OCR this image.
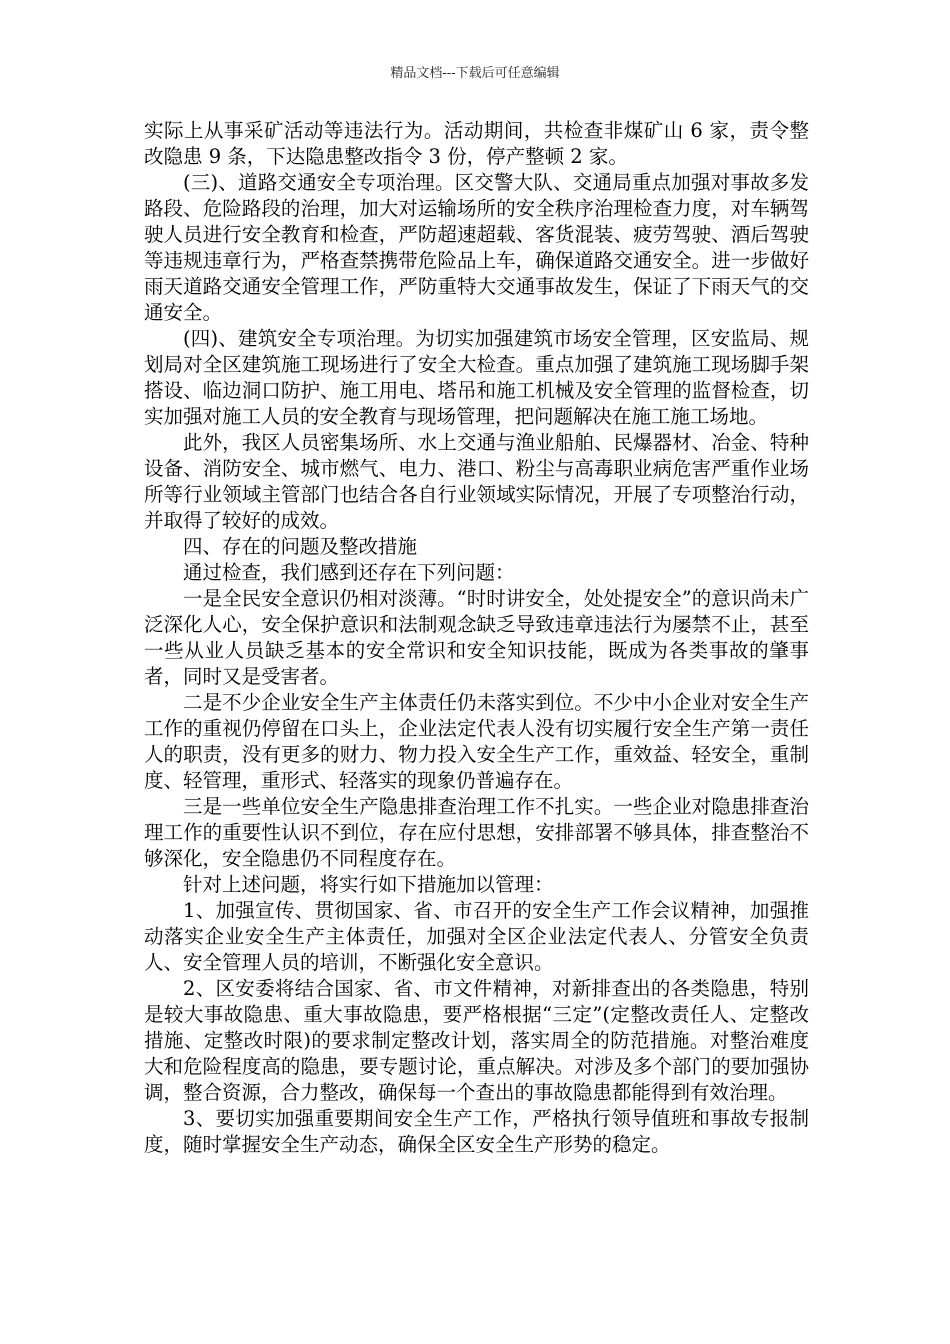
精品文档---下载后可任意编辑

实际上从事采矿活动等违法行为。活动期间，共检查非煤矿山 6 家，责令整改隐患 9 条，下达隐患整改指令 3 份，停产整顿 2 家。

(三)、道路交通安全专项治理。区交警大队、交通局重点加强对事故多发路段、危险路段的治理，加大对运输场所的安全秩序治理检查力度，对车辆驾驶人员进行安全教育和检查，严防超速超载、客货混装、疲劳驾驶、酒后驾驶等违规违章行为，严格查禁携带危险品上车，确保道路交通安全。进一步做好雨天道路交通安全管理工作，严防重特大交通事故发生，保证了下雨天气的交通安全。

(四)、建筑安全专项治理。为切实加强建筑市场安全管理，区安监局、规划局对全区建筑施工现场进行了安全大检查。重点加强了建筑施工现场脚手架搭设、临边洞口防护、施工用电、塔吊和施工机械及安全管理的监督检查，切实加强对施工人员的安全教育与现场管理，把问题解决在施工施工场地。

此外，我区人员密集场所、水上交通与渔业船舶、民爆器材、冶金、特种设备、消防安全、城市燃气、电力、港口、粉尘与高毒职业病危害严重作业场所等行业领域主管部门也结合各自行业领域实际情况，开展了专项整治行动，并取得了较好的成效。

四、存在的问题及整改措施

通过检查，我们感到还存在下列问题：

一是全民安全意识仍相对淡薄。“时时讲安全，处处提安全”的意识尚未广泛深化人心，安全保护意识和法制观念缺乏导致违章违法行为屡禁不止，甚至一些从业人员缺乏基本的安全常识和安全知识技能，既成为各类事故的肇事者，同时又是受害者。

二是不少企业安全生产主体责任仍未落实到位。不少中小企业对安全生产工作的重视仍停留在口头上，企业法定代表人没有切实履行安全生产第一责任人的职责，没有更多的财力、物力投入安全生产工作，重效益、轻安全，重制度、轻管理，重形式、轻落实的现象仍普遍存在。

三是一些单位安全生产隐患排查治理工作不扎实。一些企业对隐患排查治理工作的重要性认识不到位，存在应付思想，安排部署不够具体，排查整治不够深化，安全隐患仍不同程度存在。

针对上述问题，将实行如下措施加以管理：

1、加强宣传、贯彻国家、省、市召开的安全生产工作会议精神，加强推动落实企业安全生产主体责任，加强对全区企业法定代表人、分管安全负责人、安全管理人员的培训，不断强化安全意识。

2、区安委将结合国家、省、市文件精神，对新排查出的各类隐患，特别是较大事故隐患、重大事故隐患，要严格根据“三定”(定整改责任人、定整改措施、定整改时限)的要求制定整改计划，落实周全的防范措施。对整治难度大和危险程度高的隐患，要专题讨论，重点解决。对涉及多个部门的要加强协调，整合资源，合力整改，确保每一个查出的事故隐患都能得到有效治理。

3、要切实加强重要期间安全生产工作，严格执行领导值班和事故专报制度，随时掌握安全生产动态，确保全区安全生产形势的稳定。
